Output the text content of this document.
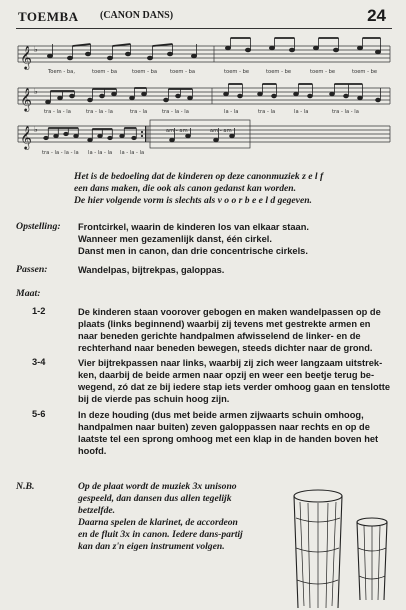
TOEMBA (CANON DANS)	24
𝄞
𝄞
𝄞
♭
♭
♭
Toem - ba,	toem - ba	toem - ba toem - ba	toem - be	toem - be	toem - be	toem - be
tra - la - la	tra - la - la	tra - la	tra - la - la	la - la	tra - la	la - la	tra - la - la
tra - la - la - la la - la - la la - la - la
am - am	am - am
Het is de bedoeling dat de kinderen op deze canonmuziek z e l f
een dans maken, die ook als canon gedanst kan worden.
De hier volgende vorm is slechts als v o o r b e e l d gegeven.
Opstelling: Frontcirkel, waarin de kinderen los van elkaar staan.
Wanneer men gezamenlijk danst, één cirkel.
Danst men in canon, dan drie concentrische cirkels.
Passen:	Wandelpas, bijtrekpas, galoppas.
Maat:
1-2	De kinderen staan voorover gebogen en maken wandelpassen op de
plaats (links beginnend) waarbij zij tevens met gestrekte armen en
naar beneden gerichte handpalmen afwisselend de linker- en de
rechterhand naar beneden bewegen, steeds dichter naar de grond.
3-4	Vier bijtrekpassen naar links, waarbij zij zich weer langzaam uitstrek-
ken, daarbij de beide armen naar opzij en weer een beetje terug be-
wegend, zó dat ze bij iedere stap iets verder omhoog gaan en tenslotte
bij de vierde pas schuin hoog zijn.
5-6	In deze houding (dus met beide armen zijwaarts schuin omhoog,
handpalmen naar buiten) zeven galoppassen naar rechts en op de
laatste tel een sprong omhoog met een klap in de handen boven het
hoofd.
N.B.	Op de plaat wordt de muziek 3x unisono
gespeeld, dan dansen dus allen tegelijk
betzelfde.
Daarna spelen de klarinet, de accordeon
en de fluit 3x in canon. Iedere dans-partij
kan dan z'n eigen instrument volgen.
